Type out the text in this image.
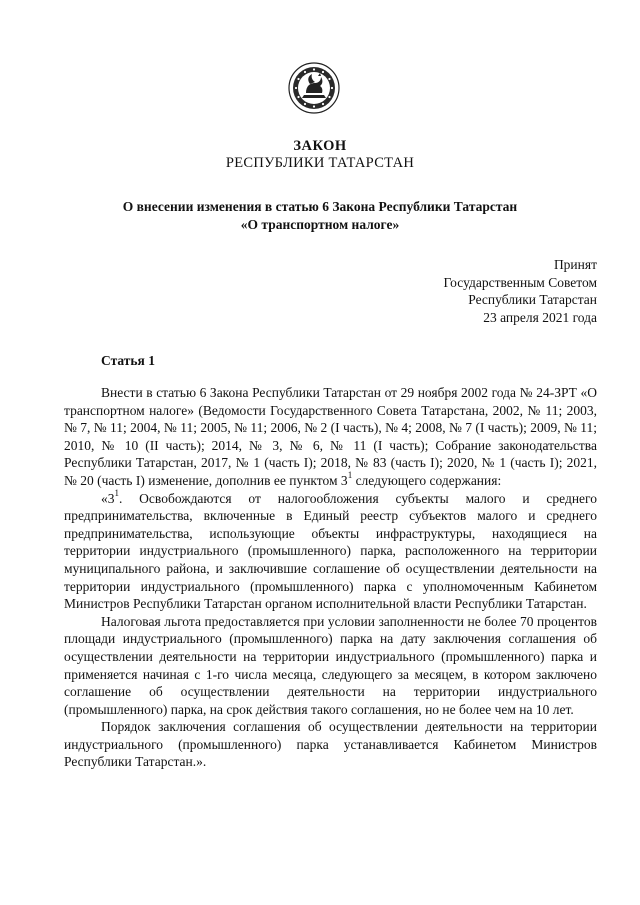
ЗАКОН
РЕСПУБЛИКИ ТАТАРСТАН
О внесении изменения в статью 6 Закона Республики Татарстан
«О транспортном налоге»
Принят
Государственным Советом
Республики Татарстан
23 апреля 2021 года
Статья 1

Внести в статью 6 Закона Республики Татарстан от 29 ноября 2002 года № 24-ЗРТ «О транспортном налоге» (Ведомости Государственного Совета Татарстана, 2002, № 11; 2003, № 7, № 11; 2004, № 11; 2005, № 11; 2006, № 2 (I часть), № 4; 2008, № 7 (I часть); 2009, № 11; 2010, № 10 (II часть); 2014, № 3, № 6, № 11 (I часть); Собрание законодательства Республики Татарстан, 2017, № 1 (часть I); 2018, № 83 (часть I); 2020, № 1 (часть I); 2021, № 20 (часть I) изменение, дополнив ее пунктом $3^1$ следующего содержания:

«$3^1$. Освобождаются от налогообложения субъекты малого и среднего предпринимательства, включенные в Единый реестр субъектов малого и среднего предпринимательства, использующие объекты инфраструктуры, находящиеся на территории индустриального (промышленного) парка, расположенного на территории муниципального района, и заключившие соглашение об осуществлении деятельности на территории индустриального (промышленного) парка с уполномоченным Кабинетом Министров Республики Татарстан органом исполнительной власти Республики Татарстан.

Налоговая льгота предоставляется при условии заполненности не более 70 процентов площади индустриального (промышленного) парка на дату заключения соглашения об осуществлении деятельности на территории индустриального (промышленного) парка и применяется начиная с 1-го числа месяца, следующего за месяцем, в котором заключено соглашение об осуществлении деятельности на территории индустриального (промышленного) парка, на срок действия такого соглашения, но не более чем на 10 лет.

Порядок заключения соглашения об осуществлении деятельности на территории индустриального (промышленного) парка устанавливается Кабинетом Министров Республики Татарстан.».
